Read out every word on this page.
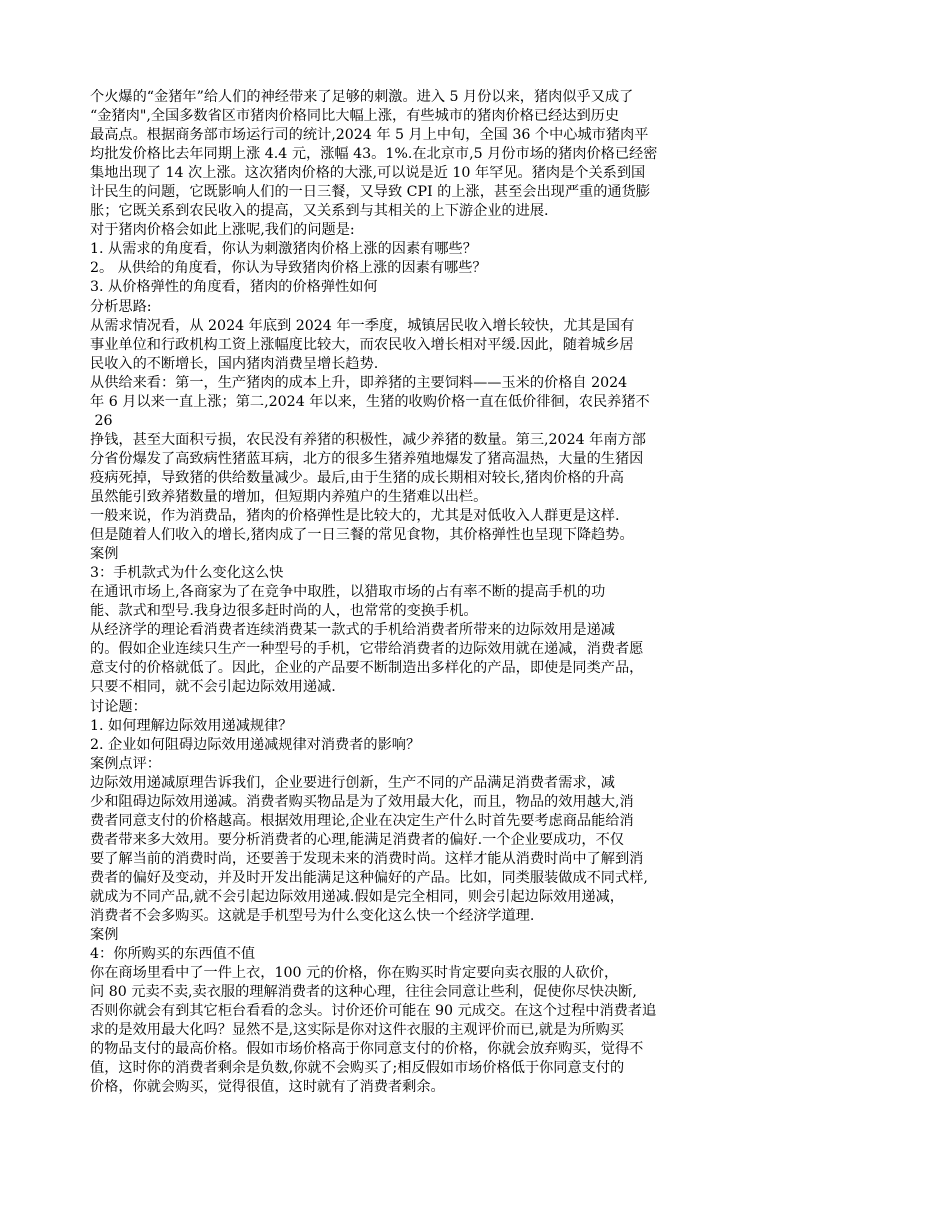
个火爆的“金猪年”给人们的神经带来了足够的刺激。进入 5 月份以来，猪肉似乎又成了
“金猪肉",全国多数省区市猪肉价格同比大幅上涨，有些城市的猪肉价格已经达到历史
最高点。根据商务部市场运行司的统计,2024 年 5 月上中旬，全国 36 个中心城市猪肉平
均批发价格比去年同期上涨 4.4 元，涨幅 43。1%.在北京市,5 月份市场的猪肉价格已经密
集地出现了 14 次上涨。这次猪肉价格的大涨,可以说是近 10 年罕见。猪肉是个关系到国
计民生的问题，它既影响人们的一日三餐，又导致 CPI 的上涨，甚至会出现严重的通货膨
胀；它既关系到农民收入的提高，又关系到与其相关的上下游企业的进展.
对于猪肉价格会如此上涨呢,我们的问题是:
1. 从需求的角度看，你认为刺激猪肉价格上涨的因素有哪些？
2。 从供给的角度看，你认为导致猪肉价格上涨的因素有哪些？
3. 从价格弹性的角度看，猪肉的价格弹性如何
分析思路:
从需求情况看，从 2024 年底到 2024 年一季度，城镇居民收入增长较快，尤其是国有
事业单位和行政机构工资上涨幅度比较大，而农民收入增长相对平缓.因此，随着城乡居
民收入的不断增长，国内猪肉消费呈增长趋势.
从供给来看：第一，生产猪肉的成本上升，即养猪的主要饲料——玉米的价格自 2024
年 6 月以来一直上涨；第二,2024 年以来，生猪的收购价格一直在低价徘徊，农民养猪不
26
挣钱，甚至大面积亏损，农民没有养猪的积极性，减少养猪的数量。第三,2024 年南方部
分省份爆发了高致病性猪蓝耳病，北方的很多生猪养殖地爆发了猪高温热，大量的生猪因
疫病死掉，导致猪的供给数量减少。最后,由于生猪的成长期相对较长,猪肉价格的升高
虽然能引致养猪数量的增加，但短期内养殖户的生猪难以出栏。
一般来说，作为消费品，猪肉的价格弹性是比较大的，尤其是对低收入人群更是这样.
但是随着人们收入的增长,猪肉成了一日三餐的常见食物，其价格弹性也呈现下降趋势。
案例
3：手机款式为什么变化这么快
在通讯市场上,各商家为了在竞争中取胜，以猎取市场的占有率不断的提高手机的功
能、款式和型号.我身边很多赶时尚的人，也常常的变换手机。
从经济学的理论看消费者连续消费某一款式的手机给消费者所带来的边际效用是递减
的。假如企业连续只生产一种型号的手机，它带给消费者的边际效用就在递减，消费者愿
意支付的价格就低了。因此，企业的产品要不断制造出多样化的产品，即使是同类产品，
只要不相同，就不会引起边际效用递减.
讨论题：
1. 如何理解边际效用递减规律？
2. 企业如何阻碍边际效用递减规律对消费者的影响？
案例点评：
边际效用递减原理告诉我们，企业要进行创新，生产不同的产品满足消费者需求，减
少和阻碍边际效用递减。消费者购买物品是为了效用最大化，而且，物品的效用越大,消
费者同意支付的价格越高。根据效用理论,企业在决定生产什么时首先要考虑商品能给消
费者带来多大效用。要分析消费者的心理,能满足消费者的偏好.一个企业要成功，不仅
要了解当前的消费时尚，还要善于发现未来的消费时尚。这样才能从消费时尚中了解到消
费者的偏好及变动，并及时开发出能满足这种偏好的产品。比如，同类服装做成不同式样,
就成为不同产品,就不会引起边际效用递减.假如是完全相同，则会引起边际效用递减，
消费者不会多购买。这就是手机型号为什么变化这么快一个经济学道理.
案例
4：你所购买的东西值不值
你在商场里看中了一件上衣，100 元的价格，你在购买时肯定要向卖衣服的人砍价，
问 80 元卖不卖,卖衣服的理解消费者的这种心理，往往会同意让些利，促使你尽快决断,
否则你就会有到其它柜台看看的念头。讨价还价可能在 90 元成交。在这个过程中消费者追
求的是效用最大化吗？显然不是,这实际是你对这件衣服的主观评价而已,就是为所购买
的物品支付的最高价格。假如市场价格高于你同意支付的价格，你就会放弃购买，觉得不
值，这时你的消费者剩余是负数,你就不会购买了;相反假如市场价格低于你同意支付的
价格，你就会购买，觉得很值，这时就有了消费者剩余。
